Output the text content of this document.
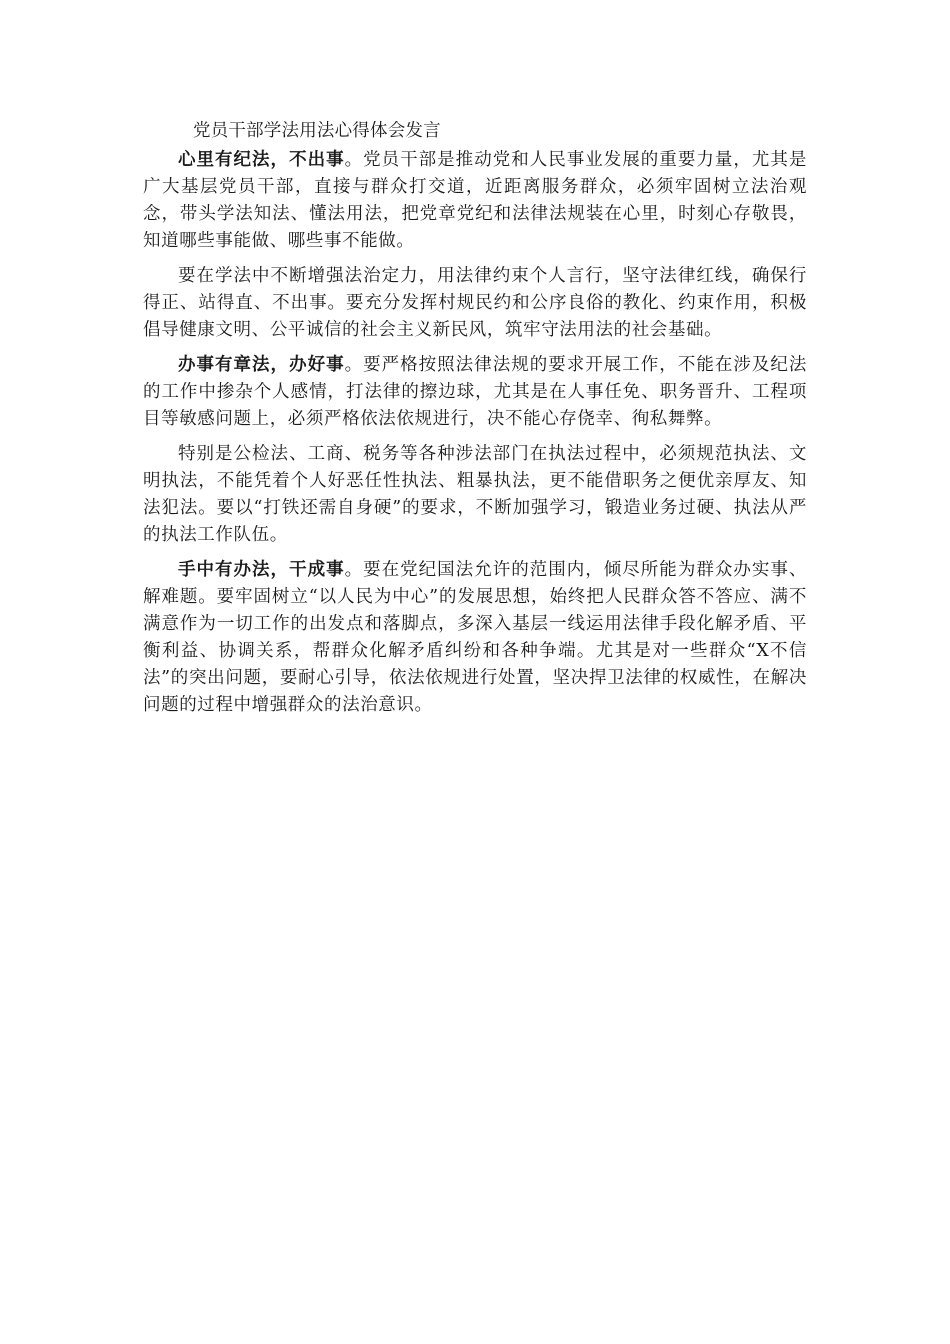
党员干部学法用法心得体会发言

心里有纪法，不出事。党员干部是推动党和人民事业发展的重要力量，尤其是广大基层党员干部，直接与群众打交道，近距离服务群众，必须牢固树立法治观念，带头学法知法、懂法用法，把党章党纪和法律法规装在心里，时刻心存敬畏，知道哪些事能做、哪些事不能做。

要在学法中不断增强法治定力，用法律约束个人言行，坚守法律红线，确保行得正、站得直、不出事。要充分发挥村规民约和公序良俗的教化、约束作用，积极倡导健康文明、公平诚信的社会主义新民风，筑牢守法用法的社会基础。

办事有章法，办好事。要严格按照法律法规的要求开展工作，不能在涉及纪法的工作中掺杂个人感情，打法律的擦边球，尤其是在人事任免、职务晋升、工程项目等敏感问题上，必须严格依法依规进行，决不能心存侥幸、徇私舞弊。

特别是公检法、工商、税务等各种涉法部门在执法过程中，必须规范执法、文明执法，不能凭着个人好恶任性执法、粗暴执法，更不能借职务之便优亲厚友、知法犯法。要以“打铁还需自身硬”的要求，不断加强学习，锻造业务过硬、执法从严的执法工作队伍。

手中有办法，干成事。要在党纪国法允许的范围内，倾尽所能为群众办实事、解难题。要牢固树立“以人民为中心”的发展思想，始终把人民群众答不答应、满不满意作为一切工作的出发点和落脚点，多深入基层一线运用法律手段化解矛盾、平衡利益、协调关系，帮群众化解矛盾纠纷和各种争端。尤其是对一些群众“X不信法”的突出问题，要耐心引导，依法依规进行处置，坚决捍卫法律的权威性，在解决问题的过程中增强群众的法治意识。
